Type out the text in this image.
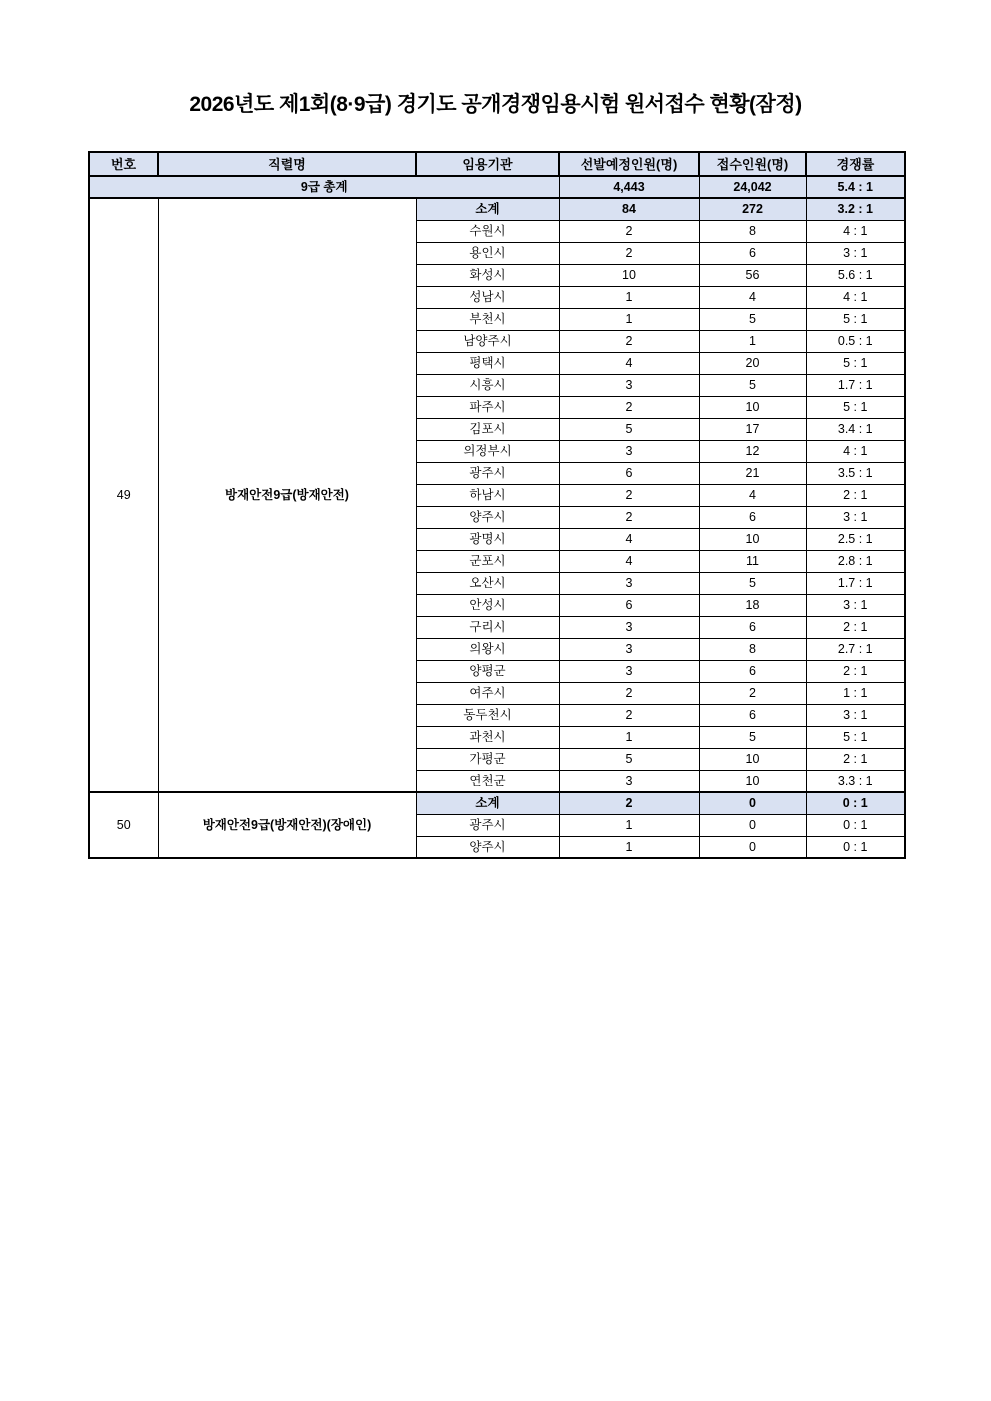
2026년도 제1회(8·9급) 경기도 공개경쟁임용시험 원서접수 현황(잠정)
번호	직렬명	임용기관	선발예정인원(명)	접수인원(명)	경쟁률
9급 총계			4,443	24,042	5.4 : 1
49	방재안전9급(방재안전)	소계	84	272	3.2 : 1
		수원시	2	8	4 : 1
		용인시	2	6	3 : 1
		화성시	10	56	5.6 : 1
		성남시	1	4	4 : 1
		부천시	1	5	5 : 1
		남양주시	2	1	0.5 : 1
		평택시	4	20	5 : 1
		시흥시	3	5	1.7 : 1
		파주시	2	10	5 : 1
		김포시	5	17	3.4 : 1
		의정부시	3	12	4 : 1
		광주시	6	21	3.5 : 1
		하남시	2	4	2 : 1
		양주시	2	6	3 : 1
		광명시	4	10	2.5 : 1
		군포시	4	11	2.8 : 1
		오산시	3	5	1.7 : 1
		안성시	6	18	3 : 1
		구리시	3	6	2 : 1
		의왕시	3	8	2.7 : 1
		양평군	3	6	2 : 1
		여주시	2	2	1 : 1
		동두천시	2	6	3 : 1
		과천시	1	5	5 : 1
		가평군	5	10	2 : 1
		연천군	3	10	3.3 : 1
50	방재안전9급(방재안전)(장애인)	소계	2	0	0 : 1
		광주시	1	0	0 : 1
		양주시	1	0	0 : 1
